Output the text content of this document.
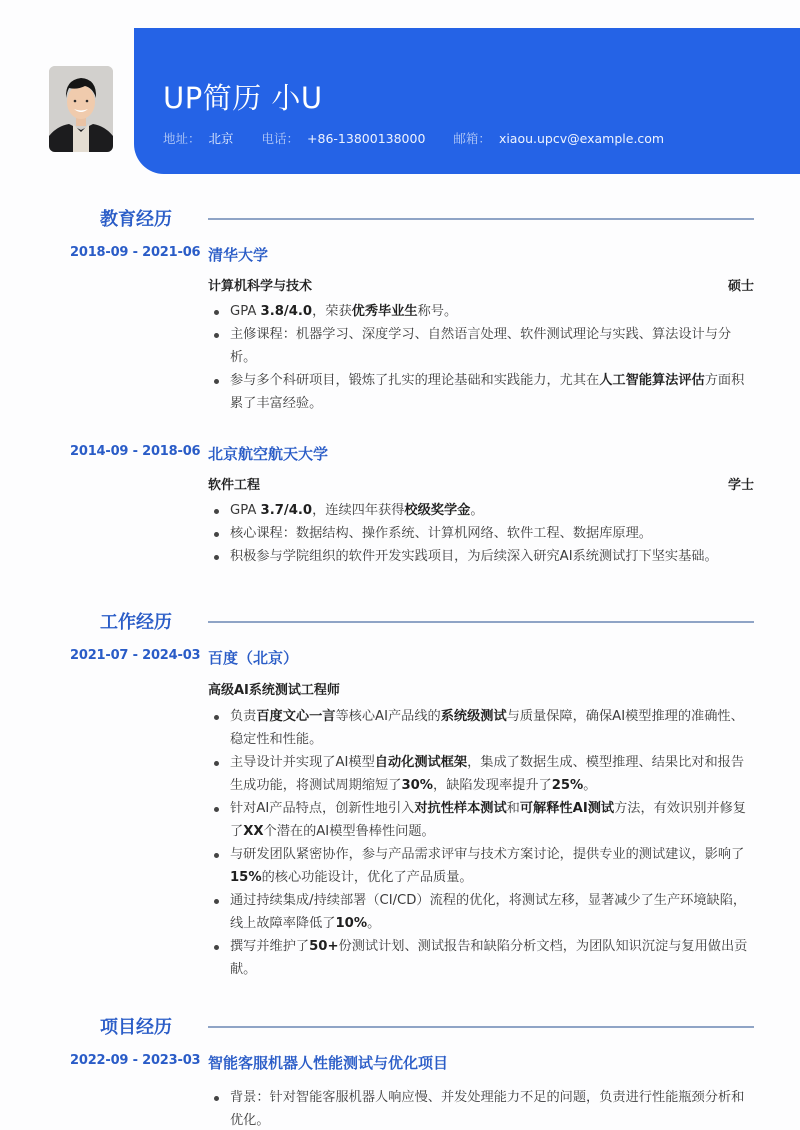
UP简历 小U
地址： 北京 电话： +86-13800138000 邮箱： xiaou.upcv@example.com
教育经历
2018-09 - 2021-06 清华大学
计算机科学与技术	硕士
GPA 3.8/4.0，荣获优秀毕业生称号。
主修课程：机器学习、深度学习、自然语言处理、软件测试理论与实践、算法设计与分析。
参与多个科研项目，锻炼了扎实的理论基础和实践能力，尤其在人工智能算法评估方面积累了丰富经验。
2014-09 - 2018-06 北京航空航天大学
软件工程	学士
GPA 3.7/4.0，连续四年获得校级奖学金。
核心课程：数据结构、操作系统、计算机网络、软件工程、数据库原理。
积极参与学院组织的软件开发实践项目，为后续深入研究AI系统测试打下坚实基础。
工作经历
2021-07 - 2024-03 百度（北京）
高级AI系统测试工程师
负责百度文心一言等核心AI产品线的系统级测试与质量保障，确保AI模型推理的准确性、稳定性和性能。
主导设计并实现了AI模型自动化测试框架，集成了数据生成、模型推理、结果比对和报告生成功能，将测试周期缩短了30%，缺陷发现率提升了25%。
针对AI产品特点，创新性地引入对抗性样本测试和可解释性AI测试方法，有效识别并修复了XX个潜在的AI模型鲁棒性问题。
与研发团队紧密协作，参与产品需求评审与技术方案讨论，提供专业的测试建议，影响了15%的核心功能设计，优化了产品质量。
通过持续集成/持续部署（CI/CD）流程的优化，将测试左移，显著减少了生产环境缺陷，线上故障率降低了10%。
撰写并维护了50+份测试计划、测试报告和缺陷分析文档，为团队知识沉淀与复用做出贡献。
项目经历
2022-09 - 2023-03 智能客服机器人性能测试与优化项目
背景：针对智能客服机器人响应慢、并发处理能力不足的问题，负责进行性能瓶颈分析和优化。
